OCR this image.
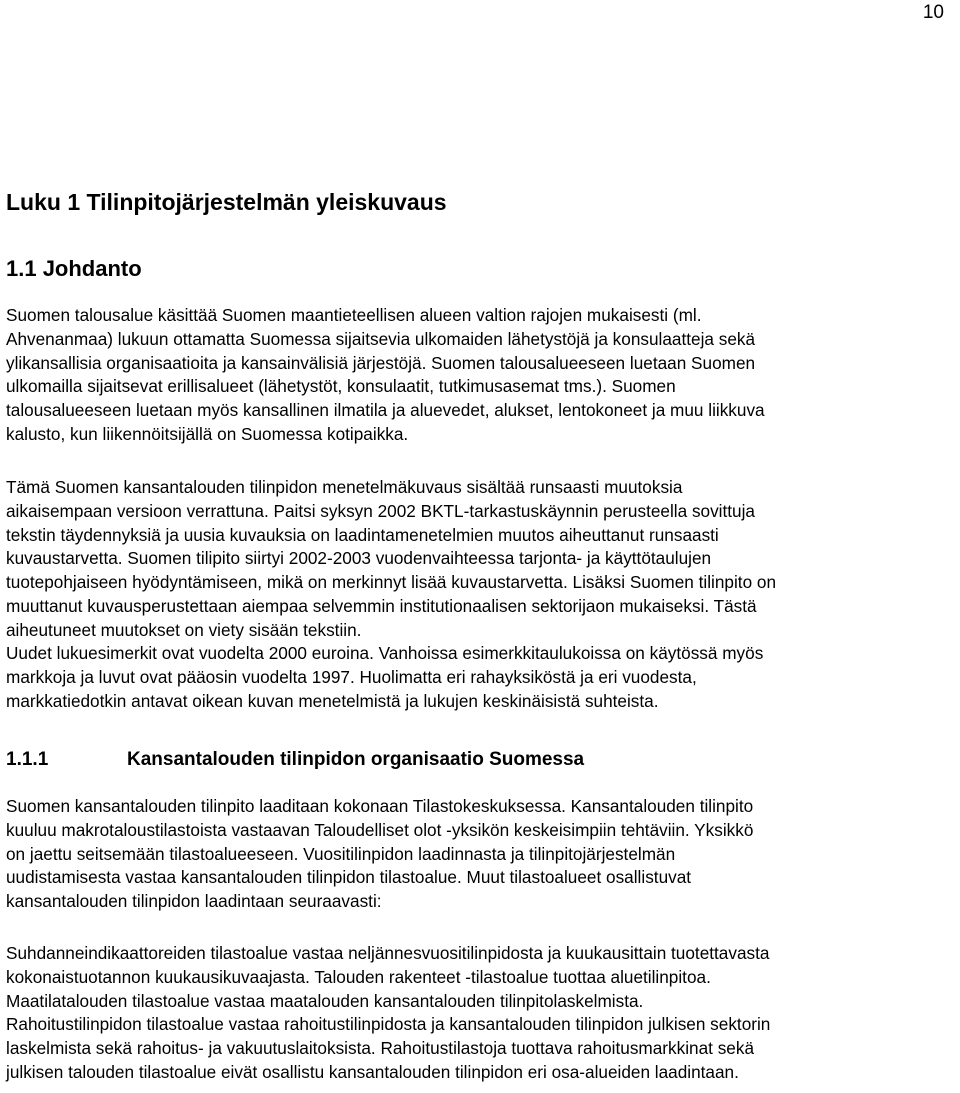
10
Luku 1 Tilinpitojärjestelmän yleiskuvaus
1.1 Johdanto

Suomen talousalue käsittää Suomen maantieteellisen alueen valtion rajojen mukaisesti (ml.
Ahvenanmaa) lukuun ottamatta Suomessa sijaitsevia ulkomaiden lähetystöjä ja konsulaatteja sekä
ylikansallisia organisaatioita ja kansainvälisiä järjestöjä. Suomen talousalueeseen luetaan Suomen
ulkomailla sijaitsevat erillisalueet (lähetystöt, konsulaatit, tutkimusasemat tms.). Suomen
talousalueeseen luetaan myös kansallinen ilmatila ja aluevedet, alukset, lentokoneet ja muu liikkuva
kalusto, kun liikennöitsijällä on Suomessa kotipaikka.

Tämä Suomen kansantalouden tilinpidon menetelmäkuvaus sisältää runsaasti muutoksia
aikaisempaan versioon verrattuna. Paitsi syksyn 2002 BKTL-tarkastuskäynnin perusteella sovittuja
tekstin täydennyksiä ja uusia kuvauksia on laadintamenetelmien muutos aiheuttanut runsaasti
kuvaustarvetta. Suomen tilipito siirtyi 2002-2003 vuodenvaihteessa tarjonta- ja käyttötaulujen
tuotepohjaiseen hyödyntämiseen, mikä on merkinnyt lisää kuvaustarvetta. Lisäksi Suomen tilinpito on
muuttanut kuvausperustettaan aiempaa selvemmin institutionaalisen sektorijaon mukaiseksi. Tästä
aiheutuneet muutokset on viety sisään tekstiin.
Uudet lukuesimerkit ovat vuodelta 2000 euroina. Vanhoissa esimerkkitaulukoissa on käytössä myös
markkoja ja luvut ovat pääosin vuodelta 1997. Huolimatta eri rahayksiköstä ja eri vuodesta,
markkatiedotkin antavat oikean kuvan menetelmistä ja lukujen keskinäisistä suhteista.

1.1.1	Kansantalouden tilinpidon organisaatio Suomessa

Suomen kansantalouden tilinpito laaditaan kokonaan Tilastokeskuksessa. Kansantalouden tilinpito
kuuluu makrotaloustilastoista vastaavan Taloudelliset olot -yksikön keskeisimpiin tehtäviin. Yksikkö
on jaettu seitsemään tilastoalueeseen. Vuositilinpidon laadinnasta ja tilinpitojärjestelmän
uudistamisesta vastaa kansantalouden tilinpidon tilastoalue. Muut tilastoalueet osallistuvat
kansantalouden tilinpidon laadintaan seuraavasti:

Suhdanneindikaattoreiden tilastoalue vastaa neljännesvuositilinpidosta ja kuukausittain tuotettavasta
kokonaistuotannon kuukausikuvaajasta. Talouden rakenteet -tilastoalue tuottaa aluetilinpitoa.
Maatilatalouden tilastoalue vastaa maatalouden kansantalouden tilinpitolaskelmista.
Rahoitustilinpidon tilastoalue vastaa rahoitustilinpidosta ja kansantalouden tilinpidon julkisen sektorin
laskelmista sekä rahoitus- ja vakuutuslaitoksista. Rahoitustilastoja tuottava rahoitusmarkkinat sekä
julkisen talouden tilastoalue eivät osallistu kansantalouden tilinpidon eri osa-alueiden laadintaan.
